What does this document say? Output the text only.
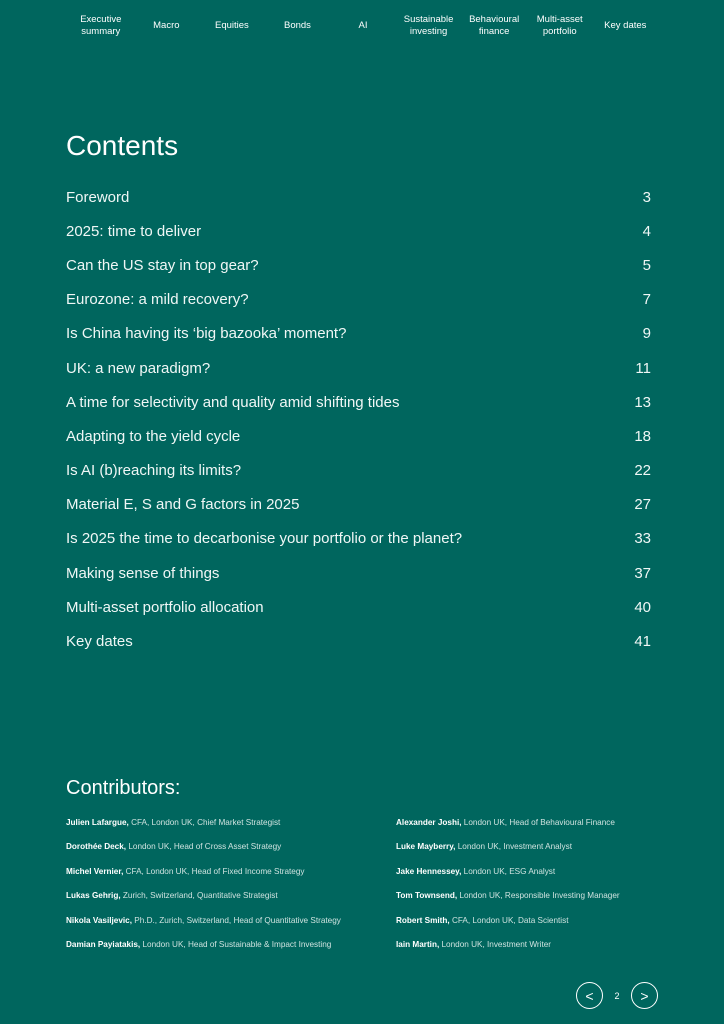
Executive
summary
Macro	Equities	Bonds	AI
Sustainable
investing
Behavioural
finance
Multi-asset
portfolio
Key dates
Contents
Foreword	3
2025: time to deliver	4
Can the US stay in top gear?	5
Eurozone: a mild recovery?	7
Is China having its ‘big bazooka’ moment?	9
UK: a new paradigm?	11
A time for selectivity and quality amid shifting tides	13
Adapting to the yield cycle	18
Is AI (b)reaching its limits?	22
Material E, S and G factors in 2025	27
Is 2025 the time to decarbonise your portfolio or the planet?	33
Making sense of things	37
Multi-asset portfolio allocation	40
Key dates	41
Contributors:
Julien Lafargue, CFA, London UK, Chief Market Strategist
Dorothée Deck, London UK, Head of Cross Asset Strategy
Michel Vernier, CFA, London UK, Head of Fixed Income Strategy
Lukas Gehrig, Zurich, Switzerland, Quantitative Strategist
Nikola Vasiljevic, Ph.D., Zurich, Switzerland, Head of Quantitative Strategy
Damian Payiatakis, London UK, Head of Sustainable & Impact Investing
Alexander Joshi, London UK, Head of Behavioural Finance
Luke Mayberry, London UK, Investment Analyst
Jake Hennessey, London UK, ESG Analyst
Tom Townsend, London UK, Responsible Investing Manager
Robert Smith, CFA, London UK, Data Scientist
Iain Martin, London UK, Investment Writer
<	2 >
